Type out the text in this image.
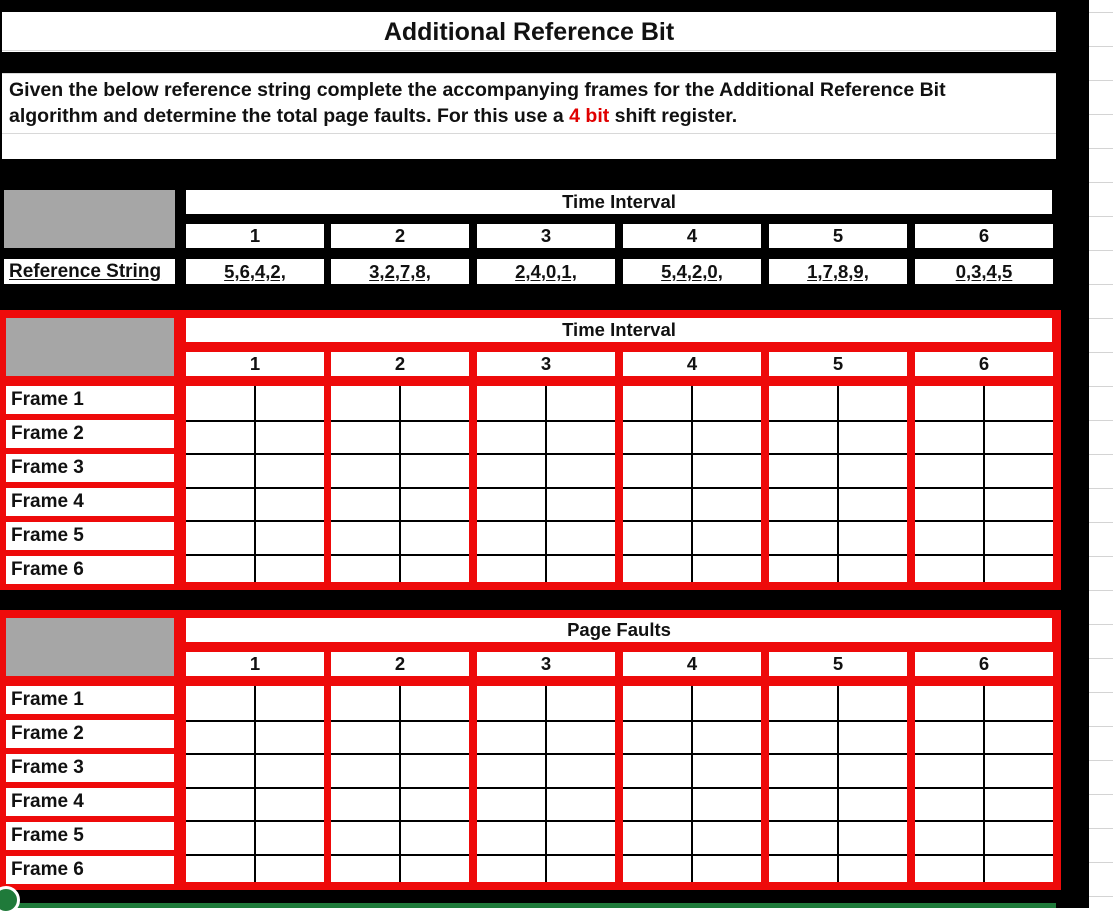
Additional Reference Bit
Given the below reference string complete the accompanying frames for the Additional Reference Bit
algorithm and determine the total page faults. For this use a 4 bit shift register.
Time Interval
1	2	3	4	5	6
Reference String	5,6,4,2,	3,2,7,8,	2,4,0,1,	5,4,2,0,	1,7,8,9,	0,3,4,5
Time Interval
1	2	3	4	5	6
Frame 1
Frame 2
Frame 3
Frame 4
Frame 5
Frame 6
Page Faults
1	2	3	4	5	6
Frame 1
Frame 2
Frame 3
Frame 4
Frame 5
Frame 6
